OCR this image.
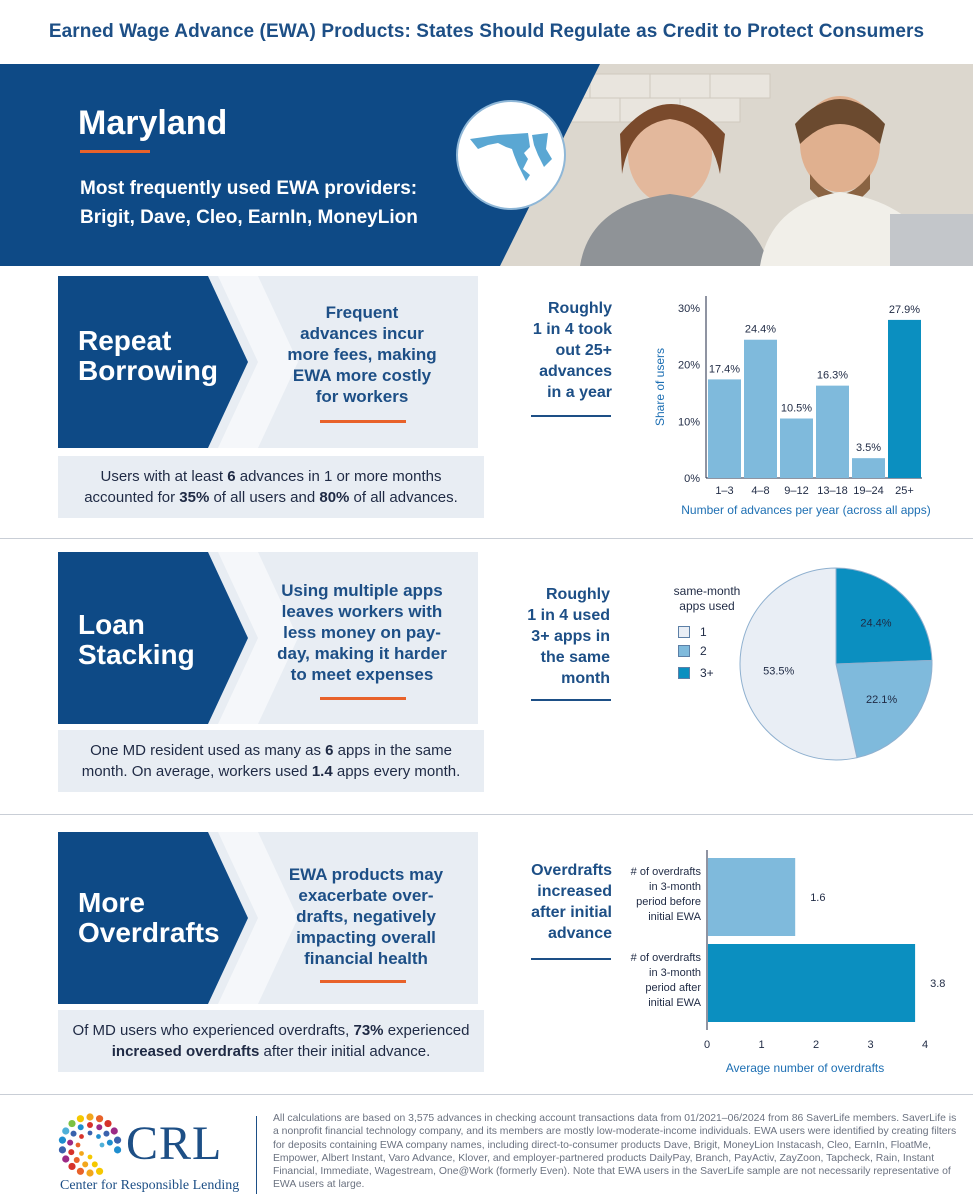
Earned Wage Advance (EWA) Products: States Should Regulate as Credit to Protect Consumers
Maryland
Most frequently used EWA providers:
Brigit, Dave, Cleo, EarnIn, MoneyLion
Repeat
Borrowing
Frequent
advances incur
more fees, making
EWA more costly
for workers
Roughly
1 in 4 took
out 25+
advances
in a year
Users with at least 6 advances in 1 or more months
accounted for 35% of all users and 80% of all advances.
Share of users
0%
10%
20%
30%
17.4%
1–3
24.4%
4–8
10.5%
9–12
16.3%
13–18
3.5%
19–24
27.9%
25+
Number of advances per year (across all apps)
Loan
Stacking
Using multiple apps
leaves workers with
less money on pay-
day, making it harder
to meet expenses
Roughly
1 in 4 used
3+ apps in
the same
month
One MD resident used as many as 6 apps in the same
month. On average, workers used 1.4 apps every month.
same-month
apps used
1
2
3+
24.4%
22.1%
53.5%
More
Overdrafts
EWA products may
exacerbate over-
drafts, negatively
impacting overall
financial health
Overdrafts
increased
after initial
advance
Of MD users who experienced overdrafts, 73% experienced
increased overdrafts after their initial advance.
# of overdrafts
in 3-month
period before
initial EWA
# of overdrafts
in 3-month
period after
initial EWA
1.6
3.8
0	1	2	3	4
Average number of overdrafts
CRL
Center for Responsible Lending
All calculations are based on 3,575 advances in checking account transactions data from 01/2021–06/2024 from 86 SaverLife members. SaverLife is a nonprofit financial technology company, and its members are mostly low-moderate-income individuals. EWA users were identified by creating filters for deposits containing EWA company names, including direct-to-consumer products Dave, Brigit, MoneyLion Instacash, Cleo, EarnIn, FloatMe, Empower, Albert Instant, Varo Advance, Klover, and employer-partnered products DailyPay, Branch, PayActiv, ZayZoon, Tapcheck, Rain, Instant Financial, Immediate, Wagestream, One@Work (formerly Even). Note that EWA users in the SaverLife sample are not necessarily representative of EWA users at large.
